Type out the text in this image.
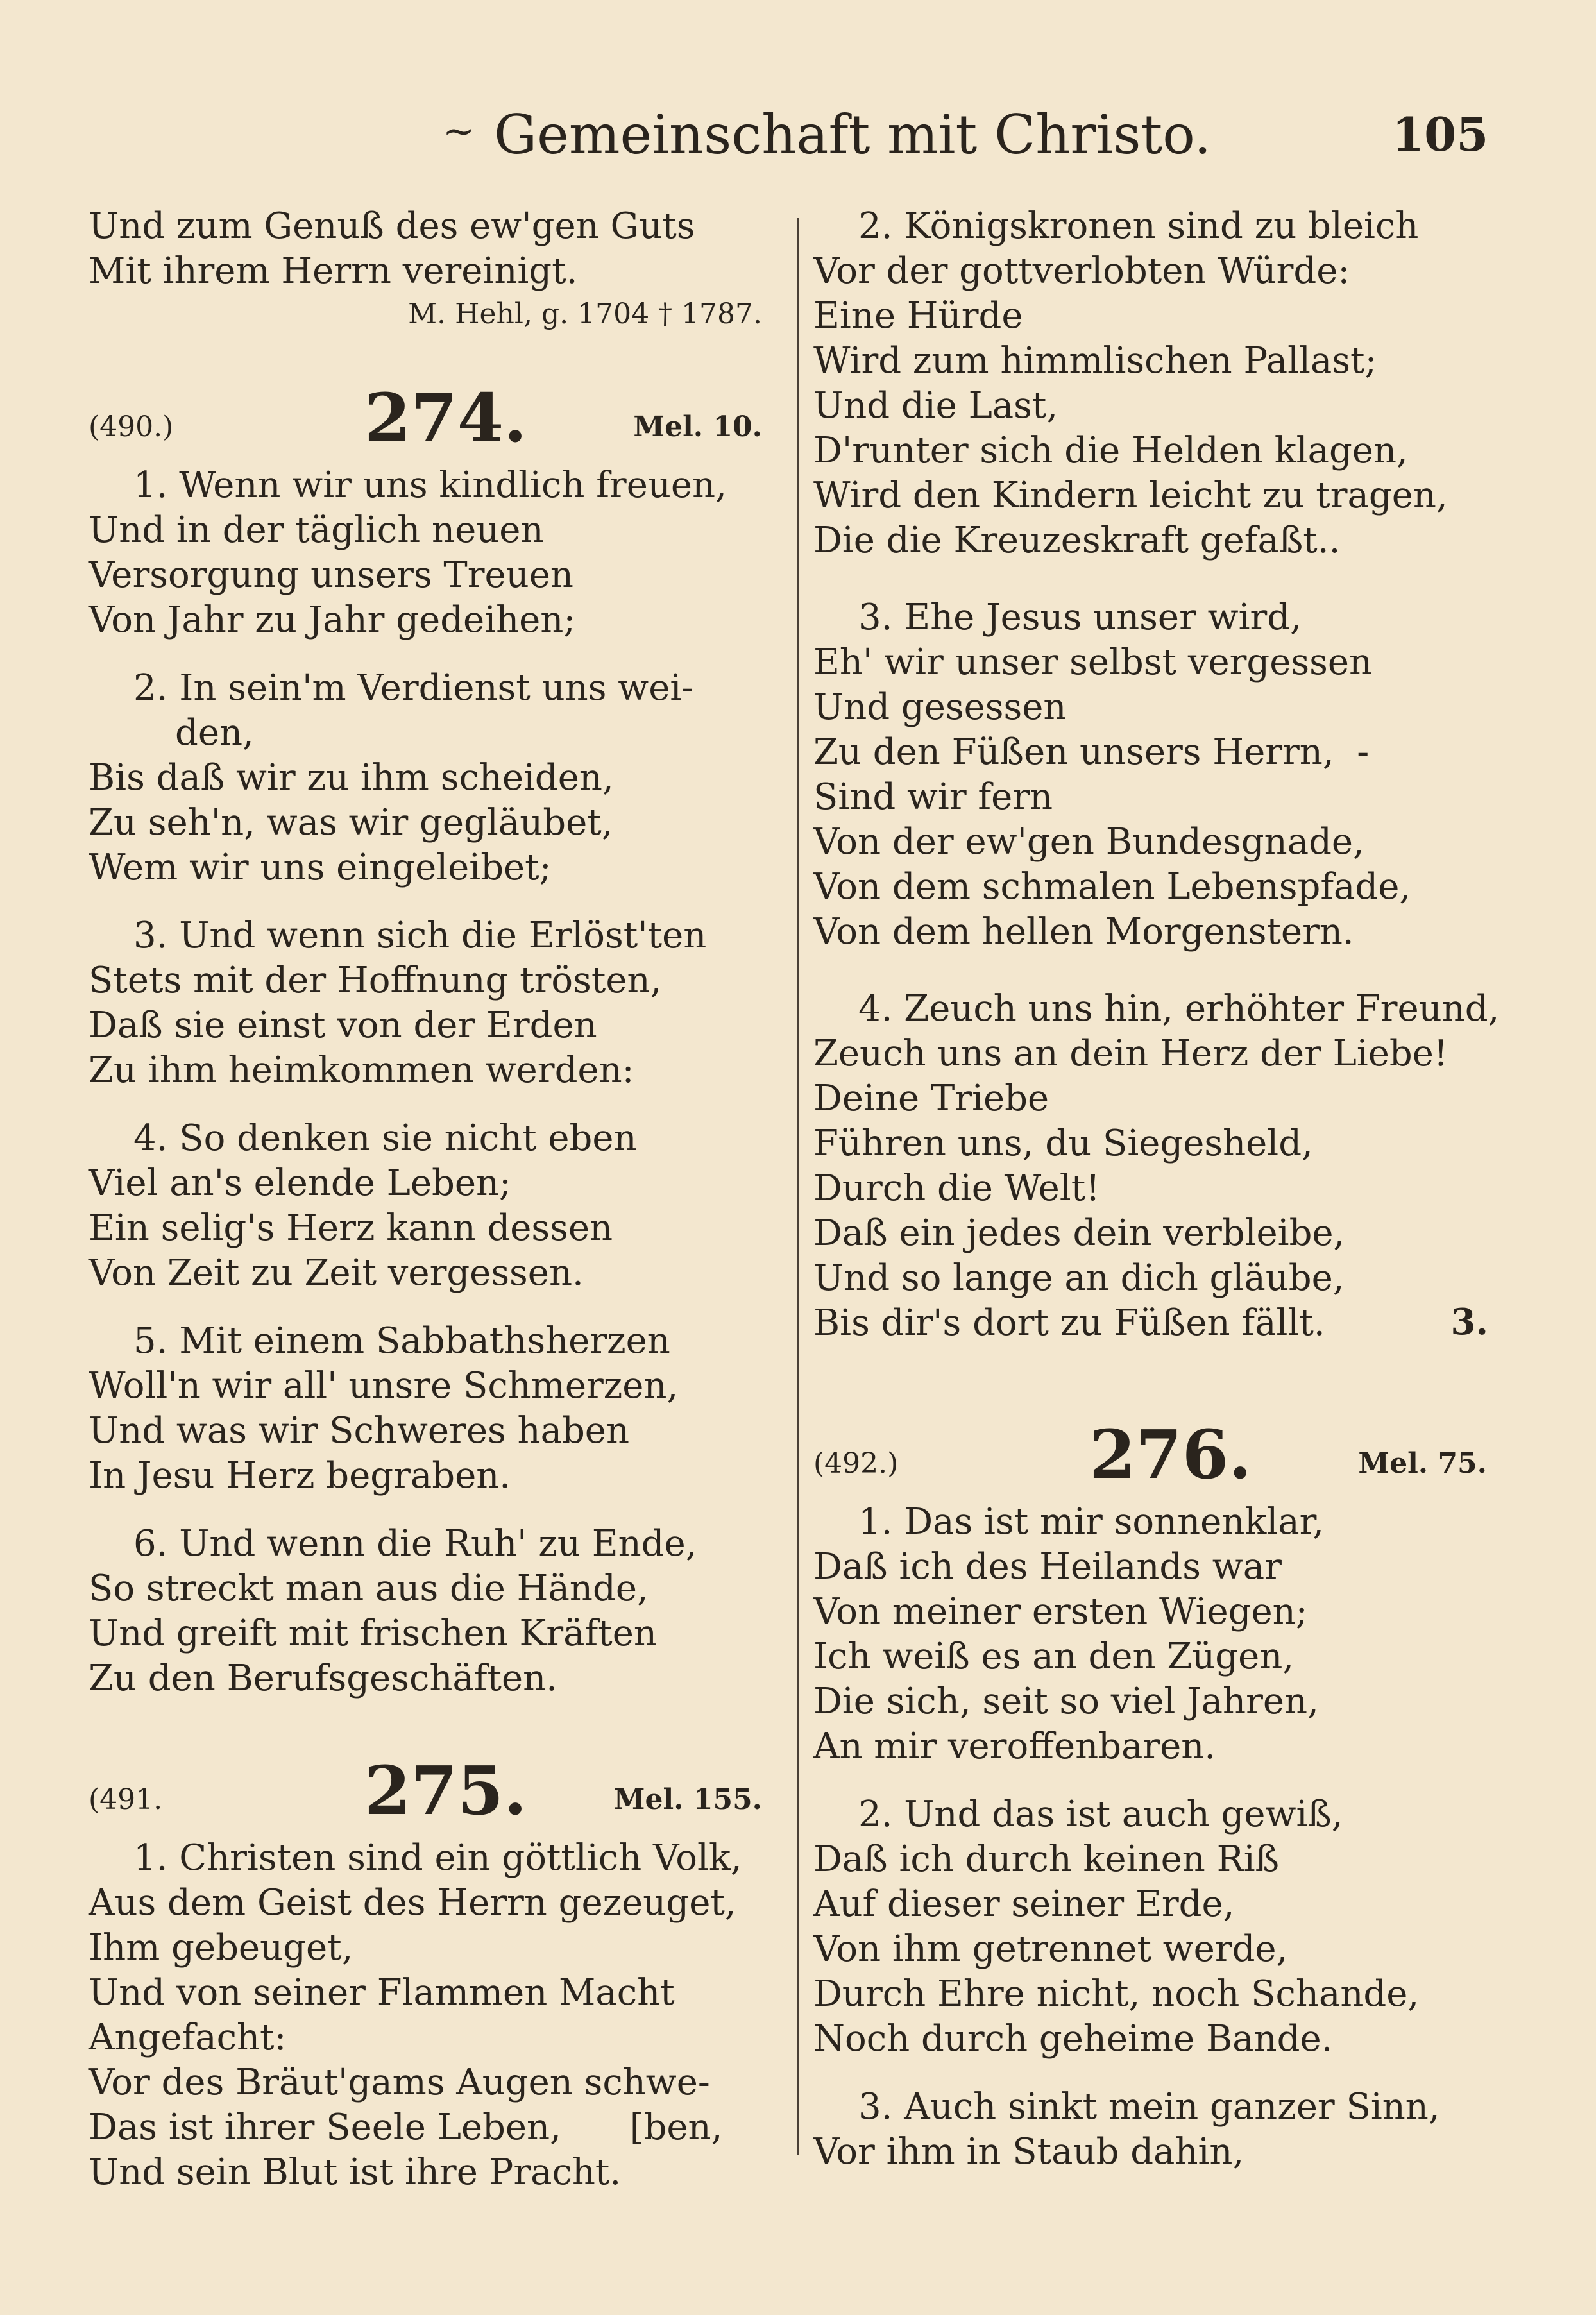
~ Gemeinschaft mit Christo.	105
Und zum Genuß des ew'gen Guts
Mit ihrem Herrn vereinigt.
M. Hehl, g. 1704 † 1787.
(490.)	274.	Mel. 10.
1. Wenn wir uns kindlich freuen,
Und in der täglich neuen
Versorgung unsers Treuen
Von Jahr zu Jahr gedeihen;
2. In sein'm Verdienst uns wei-
den,
Bis daß wir zu ihm scheiden,
Zu seh'n, was wir gegläubet,
Wem wir uns eingeleibet;
3. Und wenn sich die Erlöst'ten
Stets mit der Hoffnung trösten,
Daß sie einst von der Erden
Zu ihm heimkommen werden:
4. So denken sie nicht eben
Viel an's elende Leben;
Ein selig's Herz kann dessen
Von Zeit zu Zeit vergessen.
5. Mit einem Sabbathsherzen
Woll'n wir all' unsre Schmerzen,
Und was wir Schweres haben
In Jesu Herz begraben.
6. Und wenn die Ruh' zu Ende,
So streckt man aus die Hände,
Und greift mit frischen Kräften
Zu den Berufsgeschäften.
(491.	275.	Mel. 155.
1. Christen sind ein göttlich Volk,
Aus dem Geist des Herrn gezeuget,
Ihm gebeuget,
Und von seiner Flammen Macht
Angefacht:
Vor des Bräut'gams Augen schwe-
Das ist ihrer Seele Leben,      [ben,
Und sein Blut ist ihre Pracht.
2. Königskronen sind zu bleich
Vor der gottverlobten Würde:
Eine Hürde
Wird zum himmlischen Pallast;
Und die Last,
D'runter sich die Helden klagen,
Wird den Kindern leicht zu tragen,
Die die Kreuzeskraft gefaßt..
3. Ehe Jesus unser wird,
Eh' wir unser selbst vergessen
Und gesessen
Zu den Füßen unsers Herrn,  -
Sind wir fern
Von der ew'gen Bundesgnade,
Von dem schmalen Lebenspfade,
Von dem hellen Morgenstern.
4. Zeuch uns hin, erhöhter Freund,
Zeuch uns an dein Herz der Liebe!
Deine Triebe
Führen uns, du Siegesheld,
Durch die Welt!
Daß ein jedes dein verbleibe,
Und so lange an dich gläube,
Bis dir's dort zu Füßen fällt.	3.
(492.)	276.	Mel. 75.
1. Das ist mir sonnenklar,
Daß ich des Heilands war
Von meiner ersten Wiegen;
Ich weiß es an den Zügen,
Die sich, seit so viel Jahren,
An mir veroffenbaren.
2. Und das ist auch gewiß,
Daß ich durch keinen Riß
Auf dieser seiner Erde,
Von ihm getrennet werde,
Durch Ehre nicht, noch Schande,
Noch durch geheime Bande.
3. Auch sinkt mein ganzer Sinn,
Vor ihm in Staub dahin,
